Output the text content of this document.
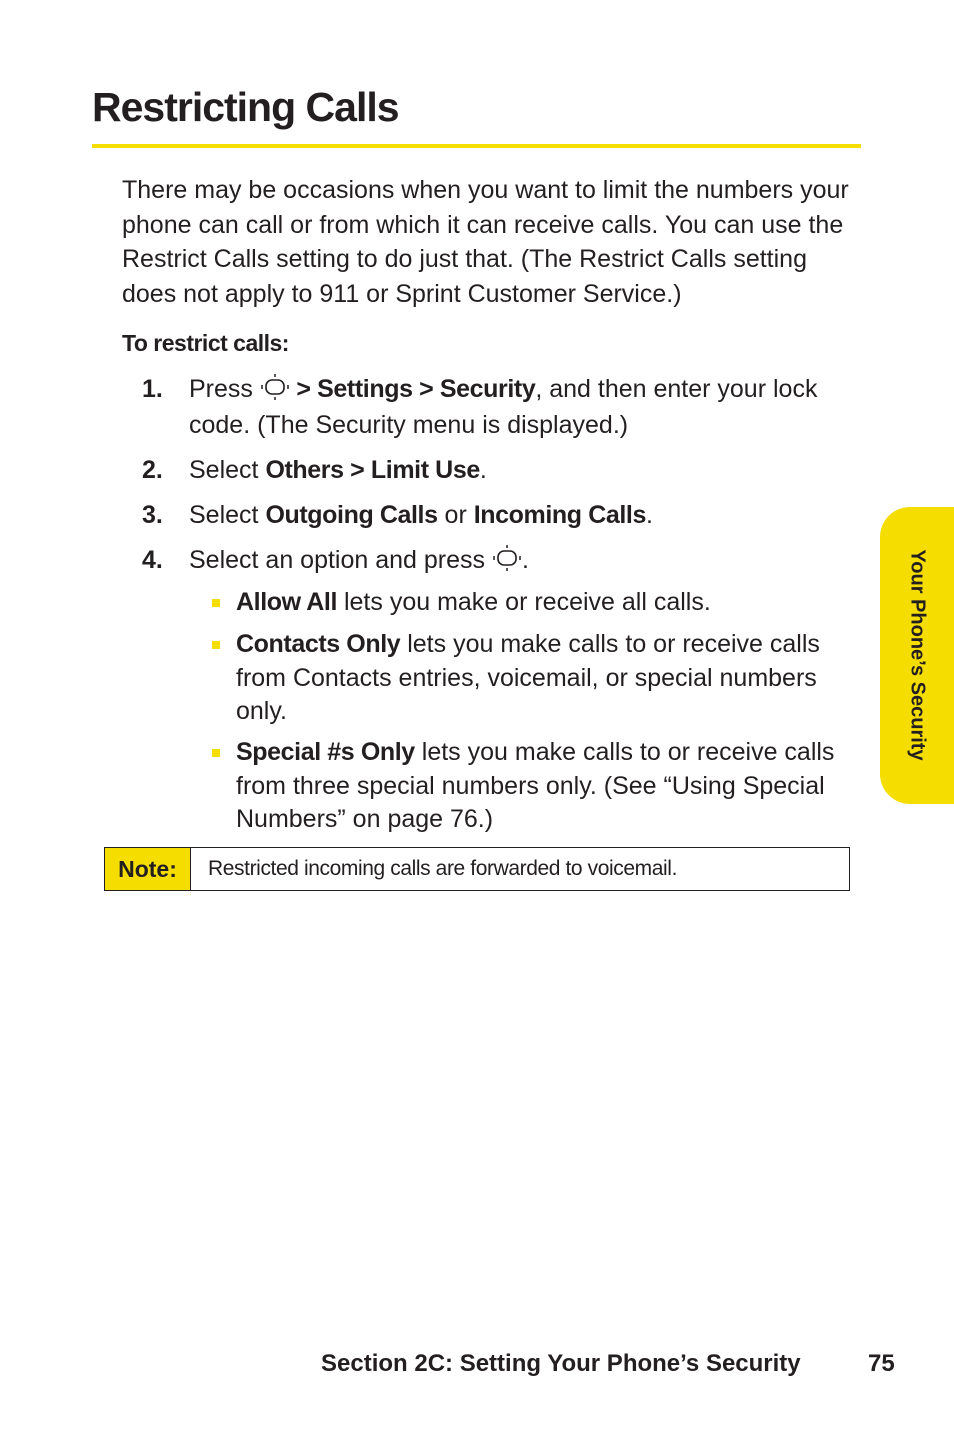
Restricting Calls

There may be occasions when you want to limit the numbers your phone can call or from which it can receive calls. You can use the Restrict Calls setting to do just that. (The Restrict Calls setting does not apply to 911 or Sprint Customer Service.)

To restrict calls:
1. Press
> Settings > Security, and then enter your lock code. (The Security menu is displayed.)
2. Select Others > Limit Use.
3. Select Outgoing Calls or Incoming Calls.
4. Select an option and press
.
Allow All lets you make or receive all calls.
Contacts Only lets you make calls to or receive calls from Contacts entries, voicemail, or special numbers only.
Special #s Only lets you make calls to or receive calls from three special numbers only. (See “Using Special Numbers” on page 76.)
Note:	Restricted incoming calls are forwarded to voicemail.
Your Phone’s Security
Section 2C: Setting Your Phone’s Security	75
